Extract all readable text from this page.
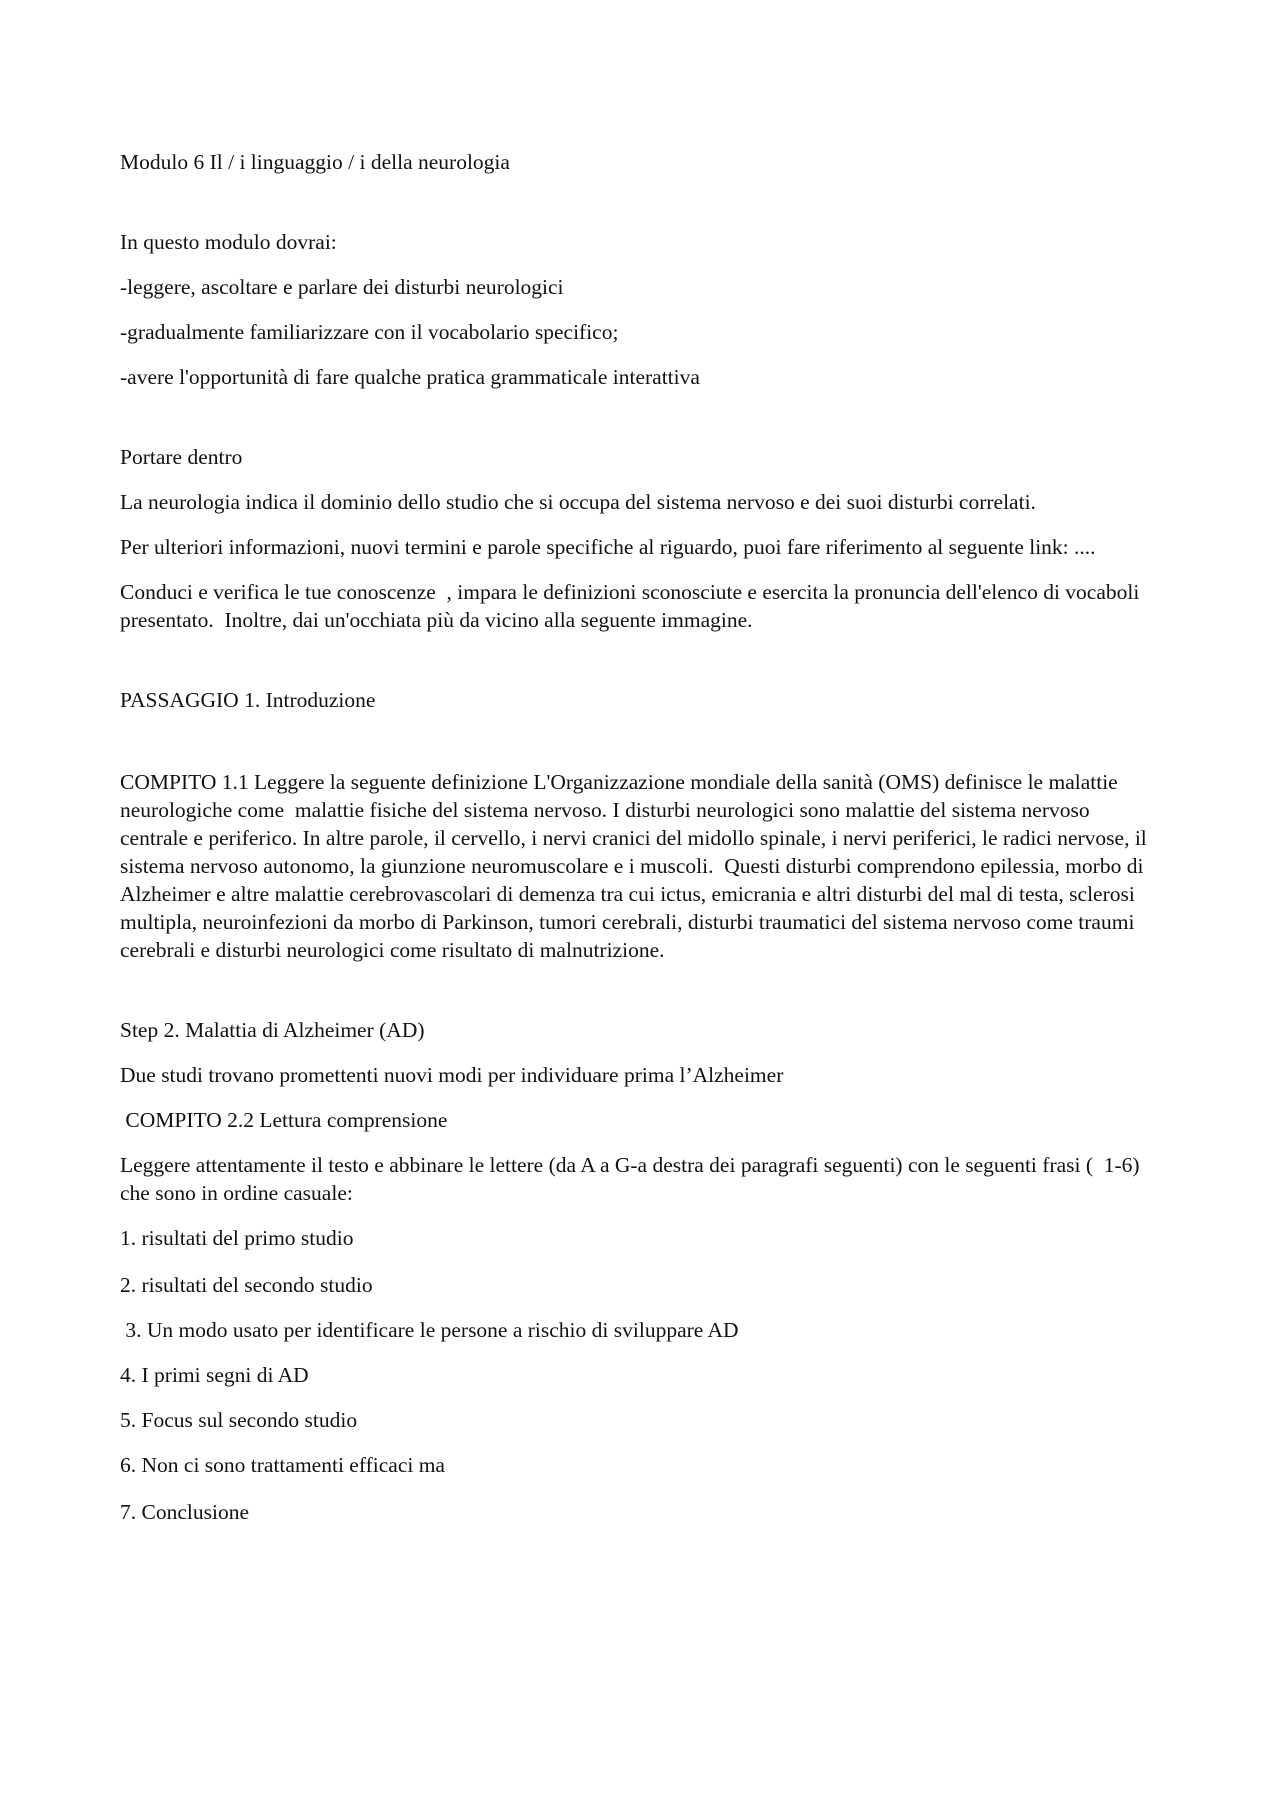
Modulo 6 Il / i linguaggio / i della neurologia

In questo modulo dovrai:

-leggere, ascoltare e parlare dei disturbi neurologici

-gradualmente familiarizzare con il vocabolario specifico;

-avere l'opportunità di fare qualche pratica grammaticale interattiva

Portare dentro

La neurologia indica il dominio dello studio che si occupa del sistema nervoso e dei suoi disturbi correlati.

Per ulteriori informazioni, nuovi termini e parole specifiche al riguardo, puoi fare riferimento al seguente link: ....

Conduci e verifica le tue conoscenze  , impara le definizioni sconosciute e esercita la pronuncia dell'elenco di vocaboli presentato.  Inoltre, dai un'occhiata più da vicino alla seguente immagine.

PASSAGGIO 1. Introduzione

COMPITO 1.1 Leggere la seguente definizione L'Organizzazione mondiale della sanità (OMS) definisce le malattie neurologiche come  malattie fisiche del sistema nervoso. I disturbi neurologici sono malattie del sistema nervoso centrale e periferico. In altre parole, il cervello, i nervi cranici del midollo spinale, i nervi periferici, le radici nervose, il sistema nervoso autonomo, la giunzione neuromuscolare e i muscoli.  Questi disturbi comprendono epilessia, morbo di Alzheimer e altre malattie cerebrovascolari di demenza tra cui ictus, emicrania e altri disturbi del mal di testa, sclerosi multipla, neuroinfezioni da morbo di Parkinson, tumori cerebrali, disturbi traumatici del sistema nervoso come traumi cerebrali e disturbi neurologici come risultato di malnutrizione.

Step 2. Malattia di Alzheimer (AD)

Due studi trovano promettenti nuovi modi per individuare prima l’Alzheimer

COMPITO 2.2 Lettura comprensione

Leggere attentamente il testo e abbinare le lettere (da A a G-a destra dei paragrafi seguenti) con le seguenti frasi (  1-6) che sono in ordine casuale:

1. risultati del primo studio

2. risultati del secondo studio

3. Un modo usato per identificare le persone a rischio di sviluppare AD

4. I primi segni di AD

5. Focus sul secondo studio

6. Non ci sono trattamenti efficaci ma

7. Conclusione
